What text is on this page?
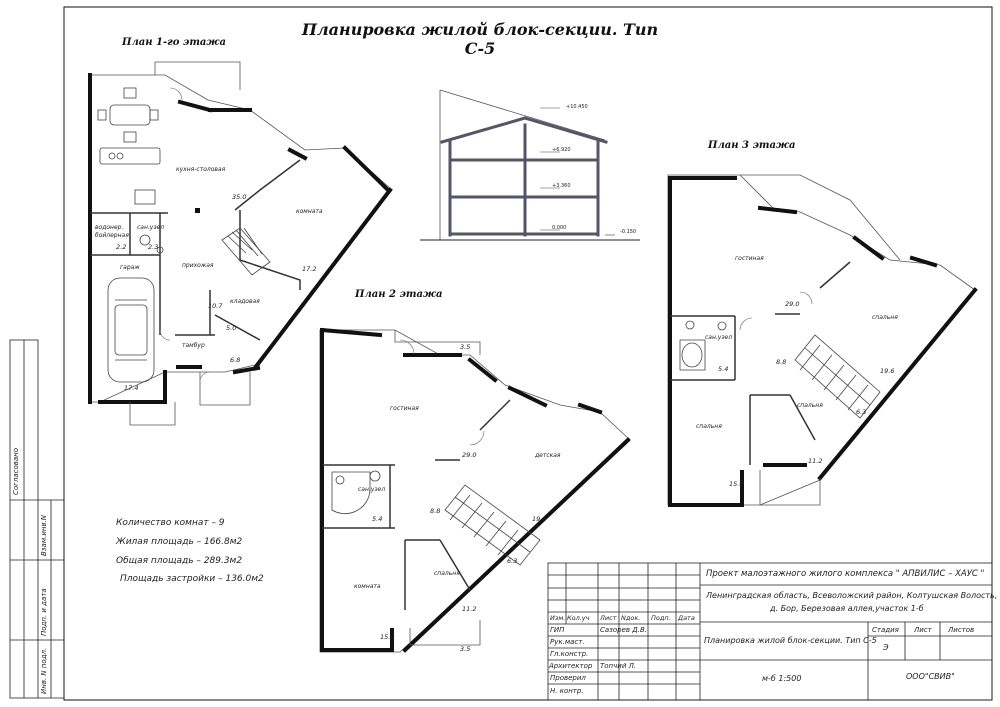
Планировка жилой блок-секции. Тип С-5
План 1-го этажа
кухня-столовая
комната
водонер.
бойлерная
сан.узел
прихожая
гараж
кладовая
тамбур
35.0
17.2
2.2	2.3
10.7
5.0
6.8
17.4
+10.450
+6.920
+3.360
0.000
-0.150
План 2 этажа
гостиная
детская
сан.узел
комната
спальня
3.5
29.0
19.6
5.4
8.8
6.3
11.2
15.0
3.5
План 3 этажа
гостиная
спальня
сан.узел
спальня
спальня
29.0
19.6
5.4
8.8
6.3
11.2
15.0
Количество комнат – 9
Жилая площадь – 166.8м2
Общая площадь – 289.3м2
Площадь застройки – 136.0м2
Согласовано
Взам.инв.N
Подп. и дата
Инв. N подл.
Проект малоэтажного жилого комплекса " АПВИЛИС – ХАУС "
Ленинградская область, Всеволожский район, Колтушская Волость,
д. Бор, Березовая аллея,участок 1-б
Изм. Кол.уч Лист Nдок. Подп. Дата
ГИП
Рук.маст.
Гл.констр.
Архитектор
Проверил
Н. контр.
Сазорев Д.В.
Топчий Л.
Планировка жилой блок-секции. Тип С-5
Стадия Лист Листов
Э
м-б 1:500	ООО"СВИВ"
